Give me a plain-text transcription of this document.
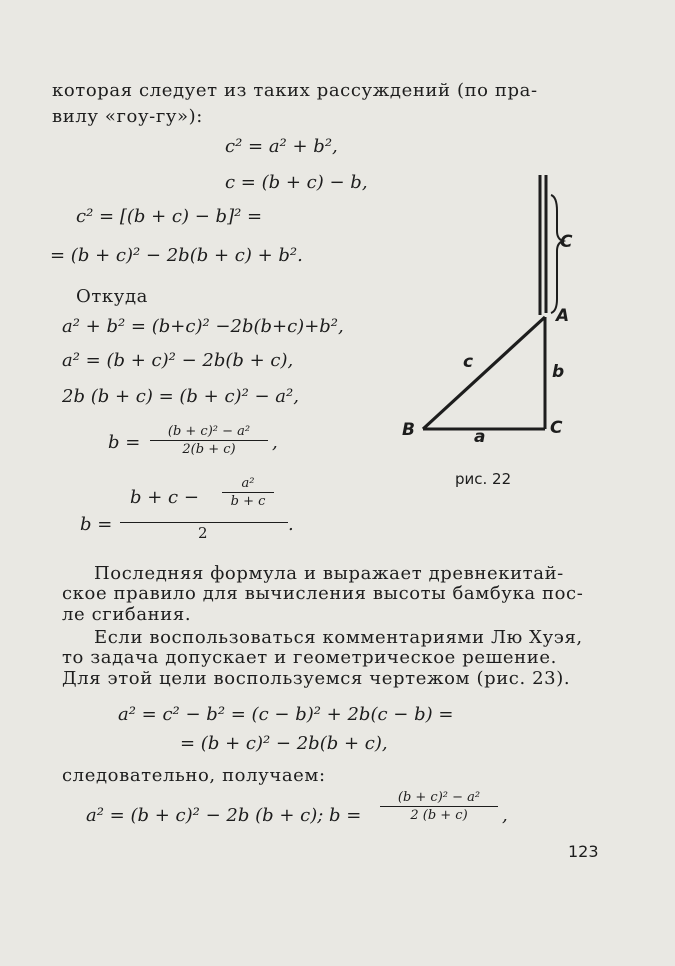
которая следует из таких рассуждений (по пра-
вилу «гоу-гу»):
c² = a² + b²,
c = (b + c) − b,
c² = [(b + c) − b]² =
= (b + c)² − 2b(b + c) + b².
Откуда
a² + b² = (b+c)² −2b(b+c)+b²,
a² = (b + c)² − 2b(b + c),
2b (b + c) = (b + c)² − a²,
b =
(b + c)² − a²
2(b + c)	,
b =
b + c −
a²
b + c
2	.
C
A
c	b
B	a	C
рис. 22
Последняя формула и выражает древнекитай-
ское правило для вычисления высоты бамбука пос-
ле сгибания.
Если воспользоваться комментариями Лю Хуэя,
то задача допускает и геометрическое решение.
Для этой цели воспользуемся чертежом (рис. 23).
a² = c² − b² = (c − b)² + 2b(c − b) =
= (b + c)² − 2b(b + c),
следовательно, получаем:
a² = (b + c)² − 2b (b + c); b =
(b + c)² − a²
2 (b + c)	,
123
